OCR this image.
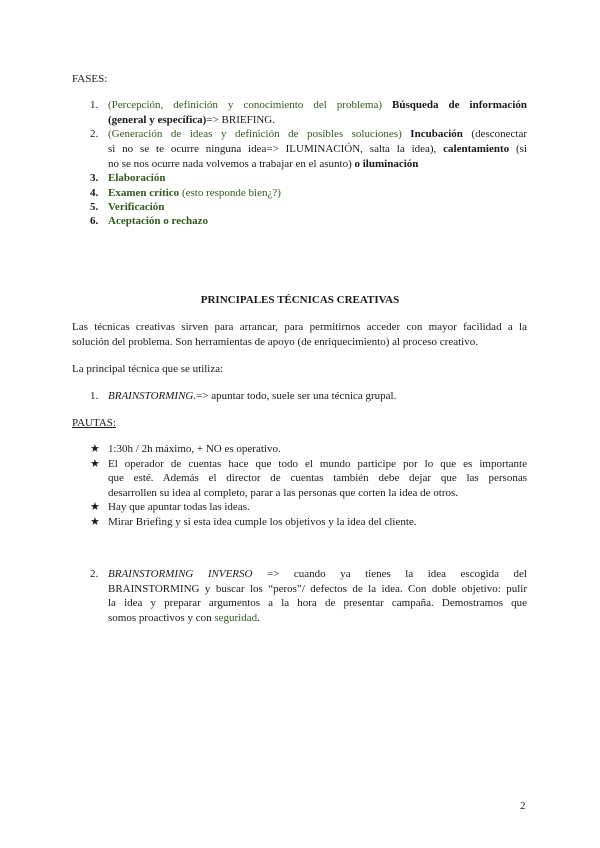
FASES:
1. (Percepción, definición y conocimiento del problema) Búsqueda de información
(general y específica)=> BRIEFING.
2. (Generación de ideas y definición de posibles soluciones) Incubación (desconectar
si no se te ocurre ninguna idea=> ILUMINACIÓN, salta la idea), calentamiento (si
no se nos ocurre nada volvemos a trabajar en el asunto) o iluminación
3. Elaboración
4. Examen crítico (esto responde bien¿?)
5. Verificación
6. Aceptación o rechazo
PRINCIPALES TÉCNICAS CREATIVAS
Las técnicas creativas sirven para arrancar, para permitirnos acceder con mayor facilidad a la
solución del problema. Son herramientas de apoyo (de enriquecimiento) al proceso creativo.
La principal técnica que se utiliza:
1. BRAINSTORMING.=> apuntar todo, suele ser una técnica grupal.
PAUTAS:
★ 1:30h / 2h máximo, + NO es operativo.
★ El operador de cuentas hace que todo el mundo participe por lo que es importante
que esté. Además el director de cuentas también debe dejar que las personas
desarrollen su idea al completo, parar a las personas que corten la idea de otros.
★ Hay que apuntar todas las ideas.
★ Mirar Briefing y si esta idea cumple los objetivos y la idea del cliente.
2. BRAINSTORMING INVERSO => cuando ya tienes la idea escogida del
BRAINSTORMING y buscar los “peros”/ defectos de la idea. Con doble objetivo: pulir
la idea y preparar argumentos a la hora de presentar campaña. Demostramos que
somos proactivos y con seguridad.
2
